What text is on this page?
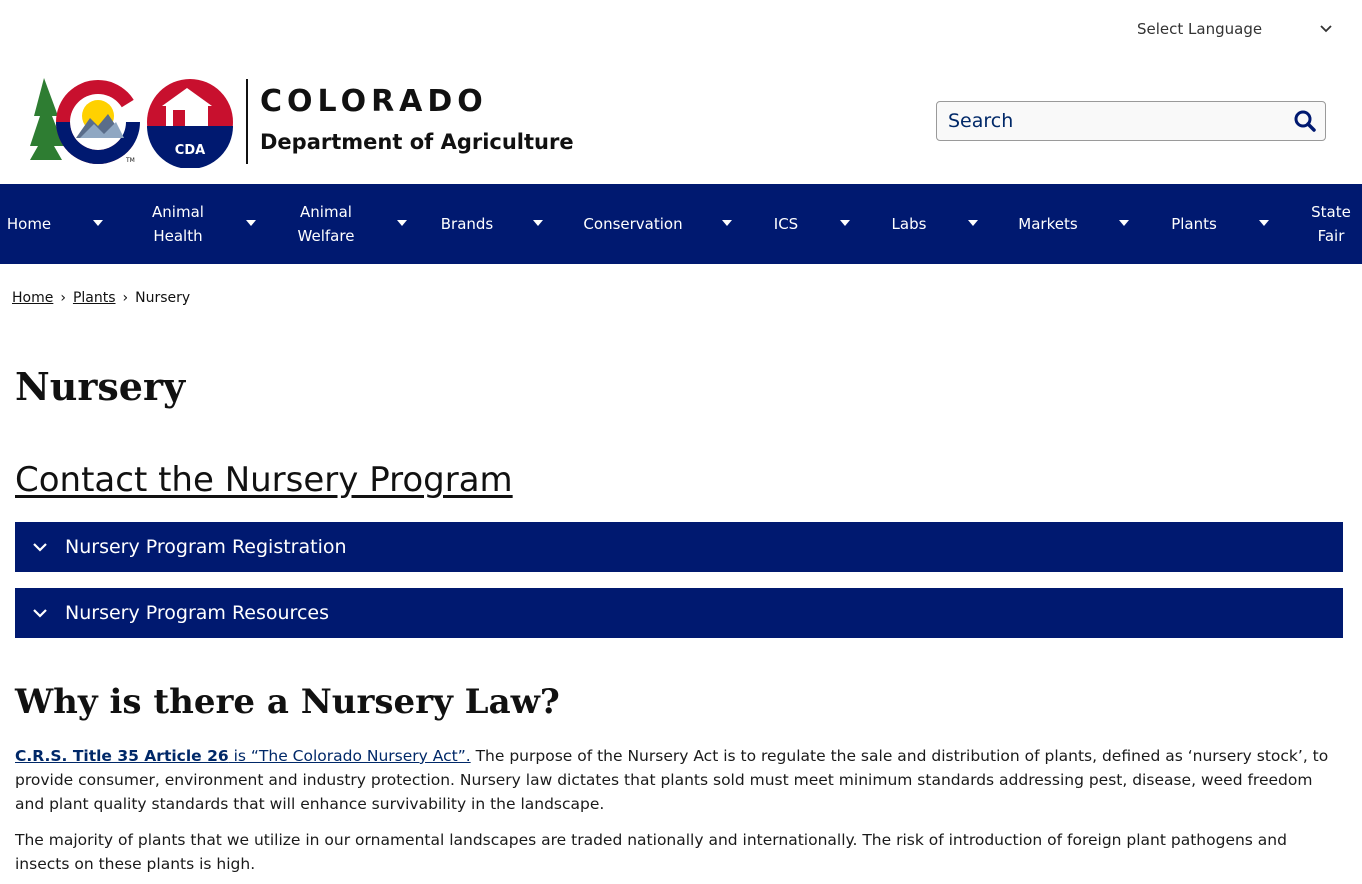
Select Language
CDA
TM
COLORADO
Department of Agriculture
Search
Home
Animal
Health
Animal
Welfare
Brands	Conservation	ICS	Labs	Markets	Plants
State
Fair
Home › Plants › Nursery
Nursery
Contact the Nursery Program
Nursery Program Registration
Nursery Program Resources
Why is there a Nursery Law?

C.R.S. Title 35 Article 26 is “The Colorado Nursery Act”. The purpose of the Nursery Act is to regulate the sale and distribution of plants, defined as ‘nursery stock’, to provide consumer, environment and industry protection. Nursery law dictates that plants sold must meet minimum standards addressing pest, disease, weed freedom and plant quality standards that will enhance survivability in the landscape.

The majority of plants that we utilize in our ornamental landscapes are traded nationally and internationally. The risk of introduction of foreign plant pathogens and insects on these plants is high.
